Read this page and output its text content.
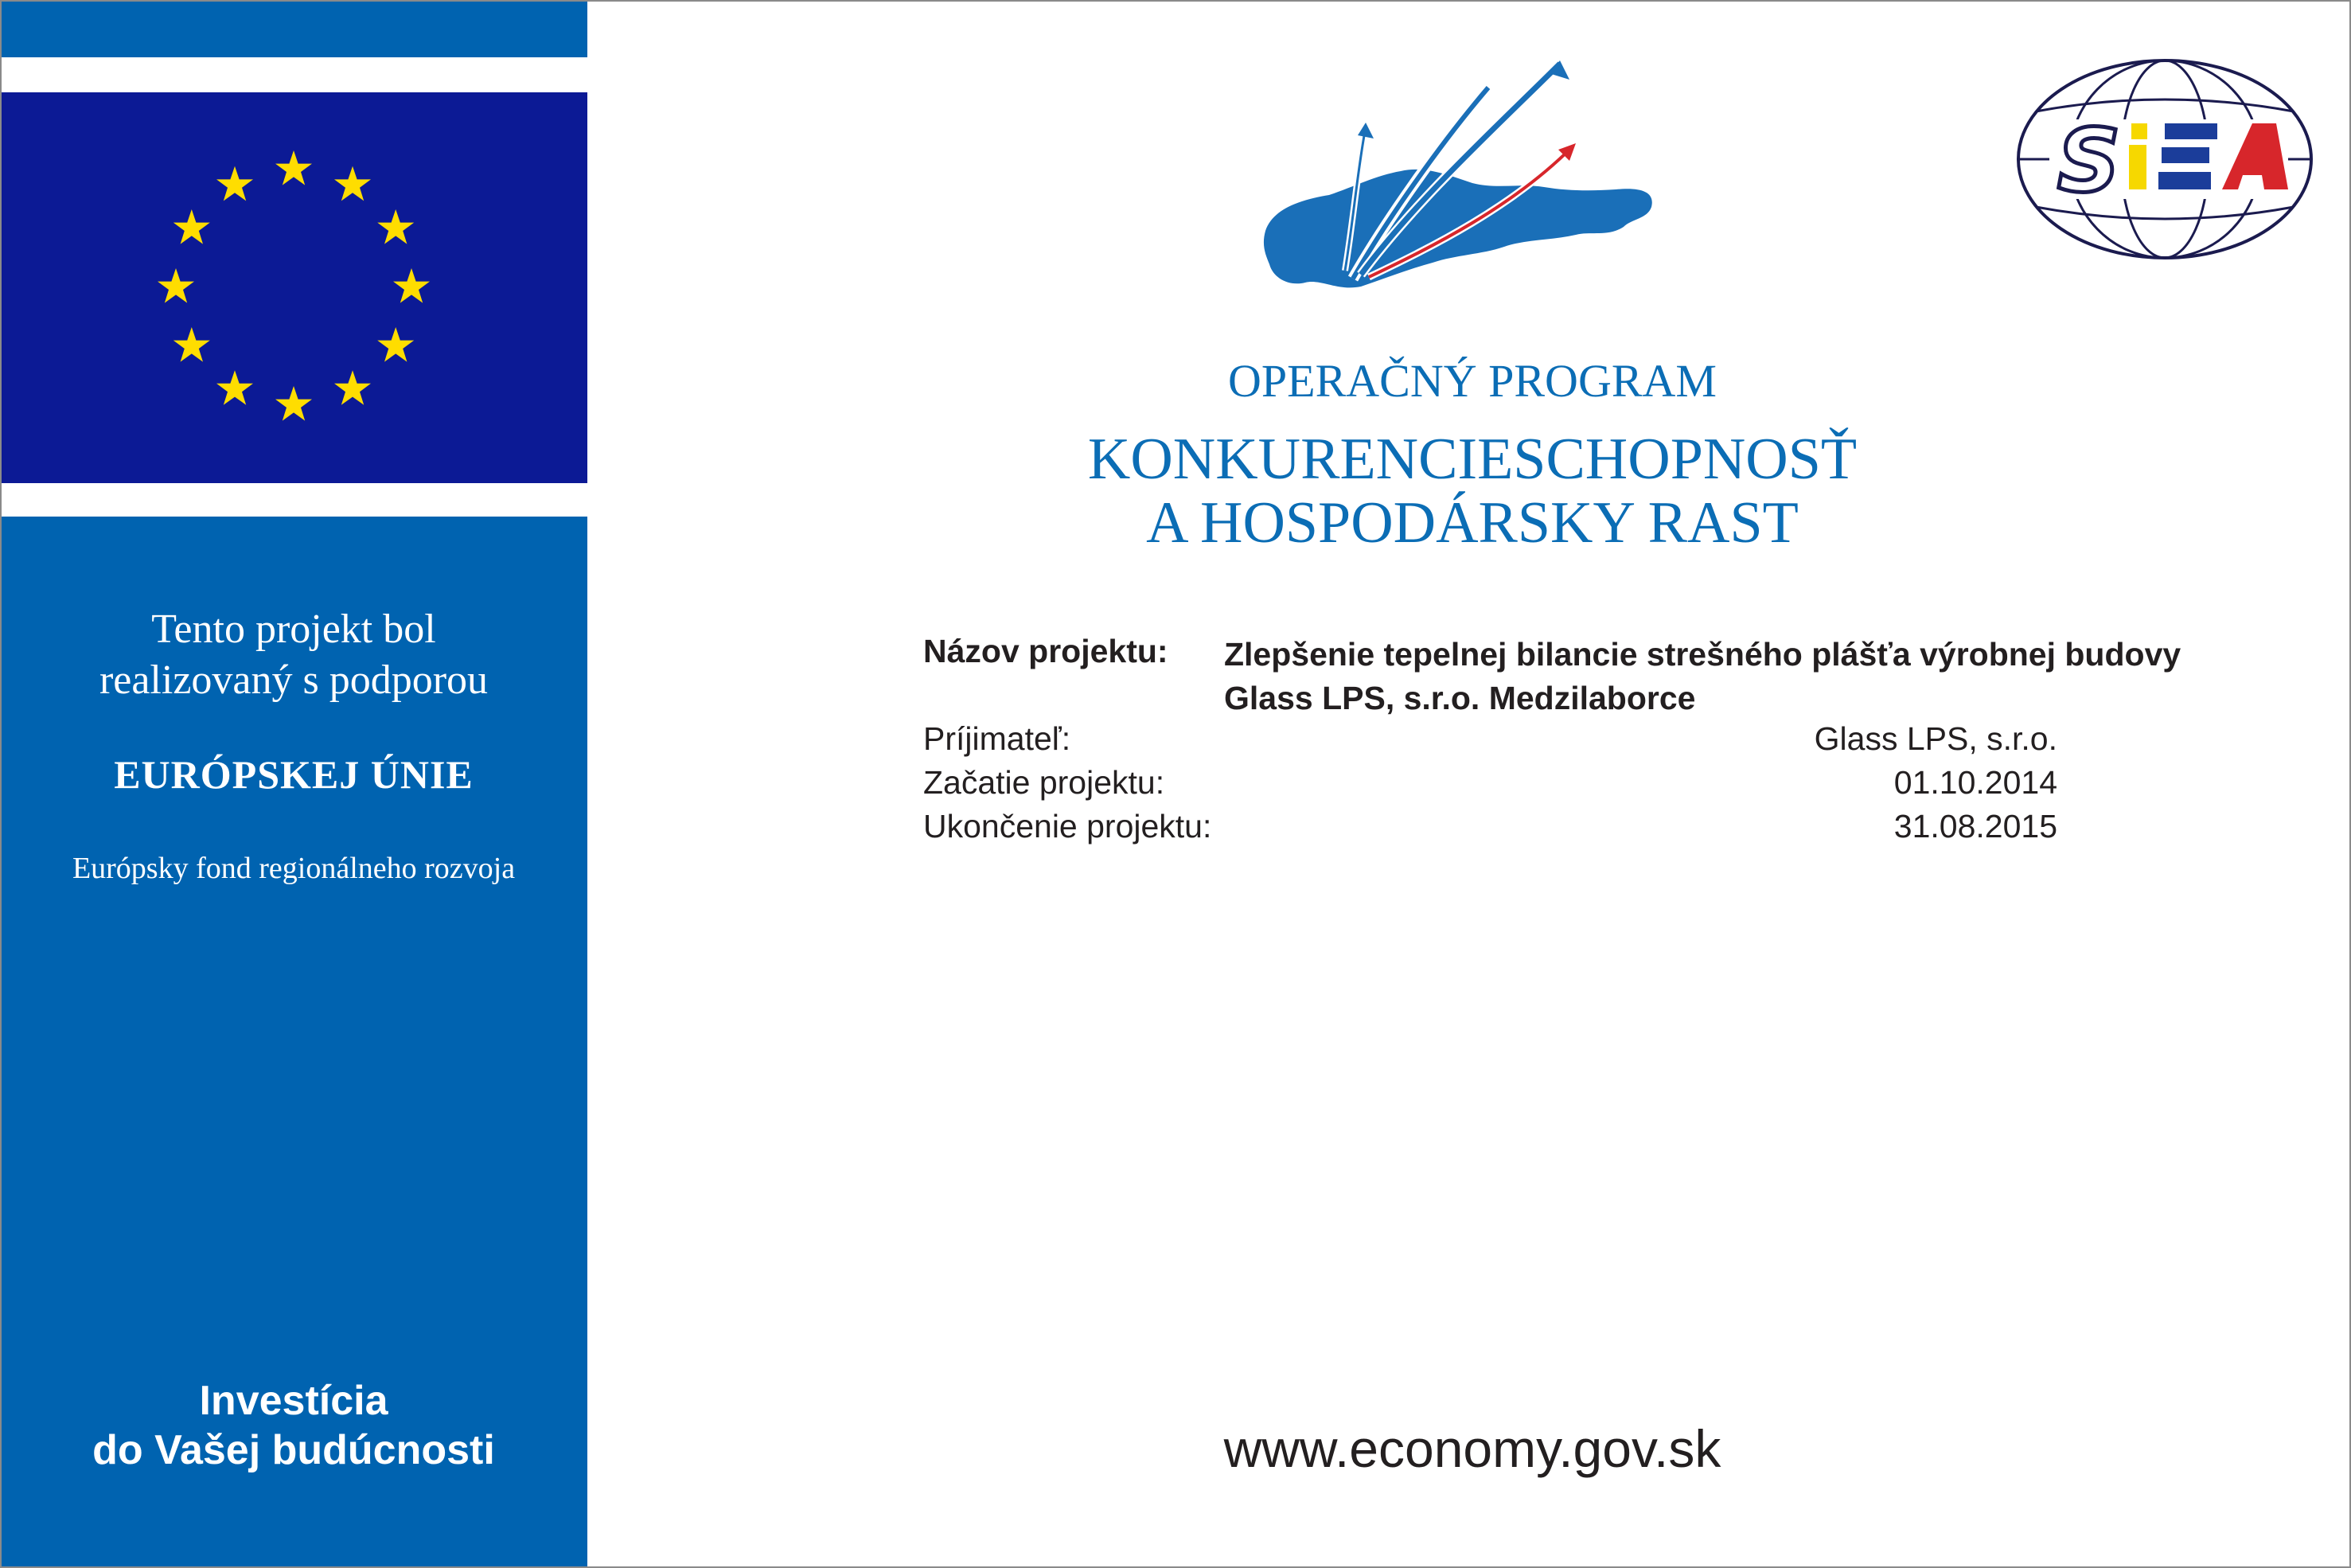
Tento projekt bol
realizovaný s podporou
EURÓPSKEJ ÚNIE
Európsky fond regionálneho rozvoja
Investícia
do Vašej budúcnosti
S
OPERAČNÝ PROGRAM
KONKURENCIESCHOPNOSŤ
A HOSPODÁRSKY RAST
Názov projektu: Zlepšenie tepelnej bilancie strešného plášťa výrobnej budovy Glass LPS, s.r.o. Medzilaborce
Príjimateľ:	Glass LPS, s.r.o.
Začatie projektu:	01.10.2014
Ukončenie projektu:	31.08.2015
www.economy.gov.sk
